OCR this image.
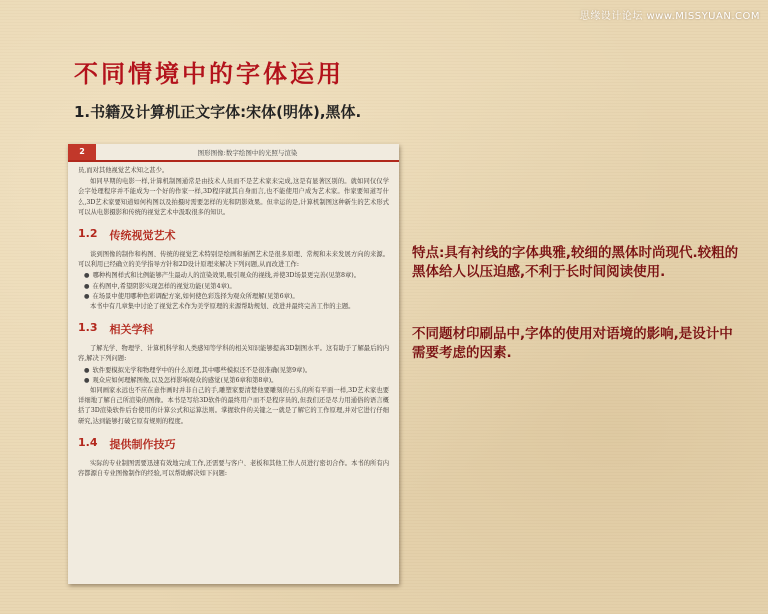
思缘设计论坛 www.MISSYUAN.COM
不同情境中的字体运用
1.书籍及计算机正文字体:宋体(明体),黑体.
2	图形图像:数字绘图中的光照与渲染

员,而对其他视觉艺术知之甚少。

如同早期的电影一样,计算机制图通常是由技术人员而不是艺术家来完成,这是有显著区别的。就如同仅仅学会字处理程序并不能成为一个好的作家一样,3D程序就其自身而言,也不能使用户成为艺术家。作家要知道写什么,3D艺术家要知道如何构图以及拍摄时需要怎样的光和阴影效果。但幸运的是,计算机制图这种新生的艺术形式可以从电影摄影和传统的视觉艺术中汲取很多的知识。

1.2 传统视觉艺术

谈到图像的制作和构图、传统的视觉艺术特别是绘画和插图艺术是很多原理、常规和未来发展方向的来源。可以利用已经确立的美学指导方针和2D设计原理来解决下列问题,从而改进工作:

● 哪种构图样式和比例能够产生最动人的渲染效果,吸引观众的视线,并使3D场景更完善(见第8章)。
● 在构图中,希望阴影实现怎样的视觉功能(见第4章)。
● 在场景中使用哪种色彩调配方案,如何使色彩选择为观众所理解(见第6章)。

本书中有几章集中讨论了视觉艺术作为美学原理的来源帮助规划、改进并最终完善工作的主题。

1.3 相关学科

了解光学、物理学、计算机科学和人类感知等学科的相关知识能够提高3D制图水平。这有助于了解最后的内容,解决下列问题:

● 软件要模拟光学和物理学中的什么原理,其中哪些模拟还不是很准确(见第9章)。
● 观众应如何理解图像,以及怎样影响观众的感觉(见第6章和第8章)。

如同画家永远也不应在意作画时并非自己的手,雕塑家要清楚他要雕刻的石头的所有平面一样,3D艺术家也要详细地了解自己所渲染的图像。本书是写给3D软件的最终用户而不是程序员的,但我们还是尽力用通俗的语言概括了3D渲染软件后台使用的计算公式和运算法则。掌握软件的关键之一就是了解它的工作原理,并对它进行仔细研究,达到能够打破它原有规则的程度。

1.4 提供制作技巧

实际的专业制图需要迅速有效地完成工作,还需要与客户、老板和其他工作人员进行密切合作。本书的所有内容都源自专业图像制作的经验,可以帮助解决如下问题:

特点:具有衬线的字体典雅,较细的黑体时尚现代.较粗的黑体给人以压迫感,不利于长时间阅读使用.
不同题材印刷品中,字体的使用对语境的影响,是设计中需要考虑的因素.
